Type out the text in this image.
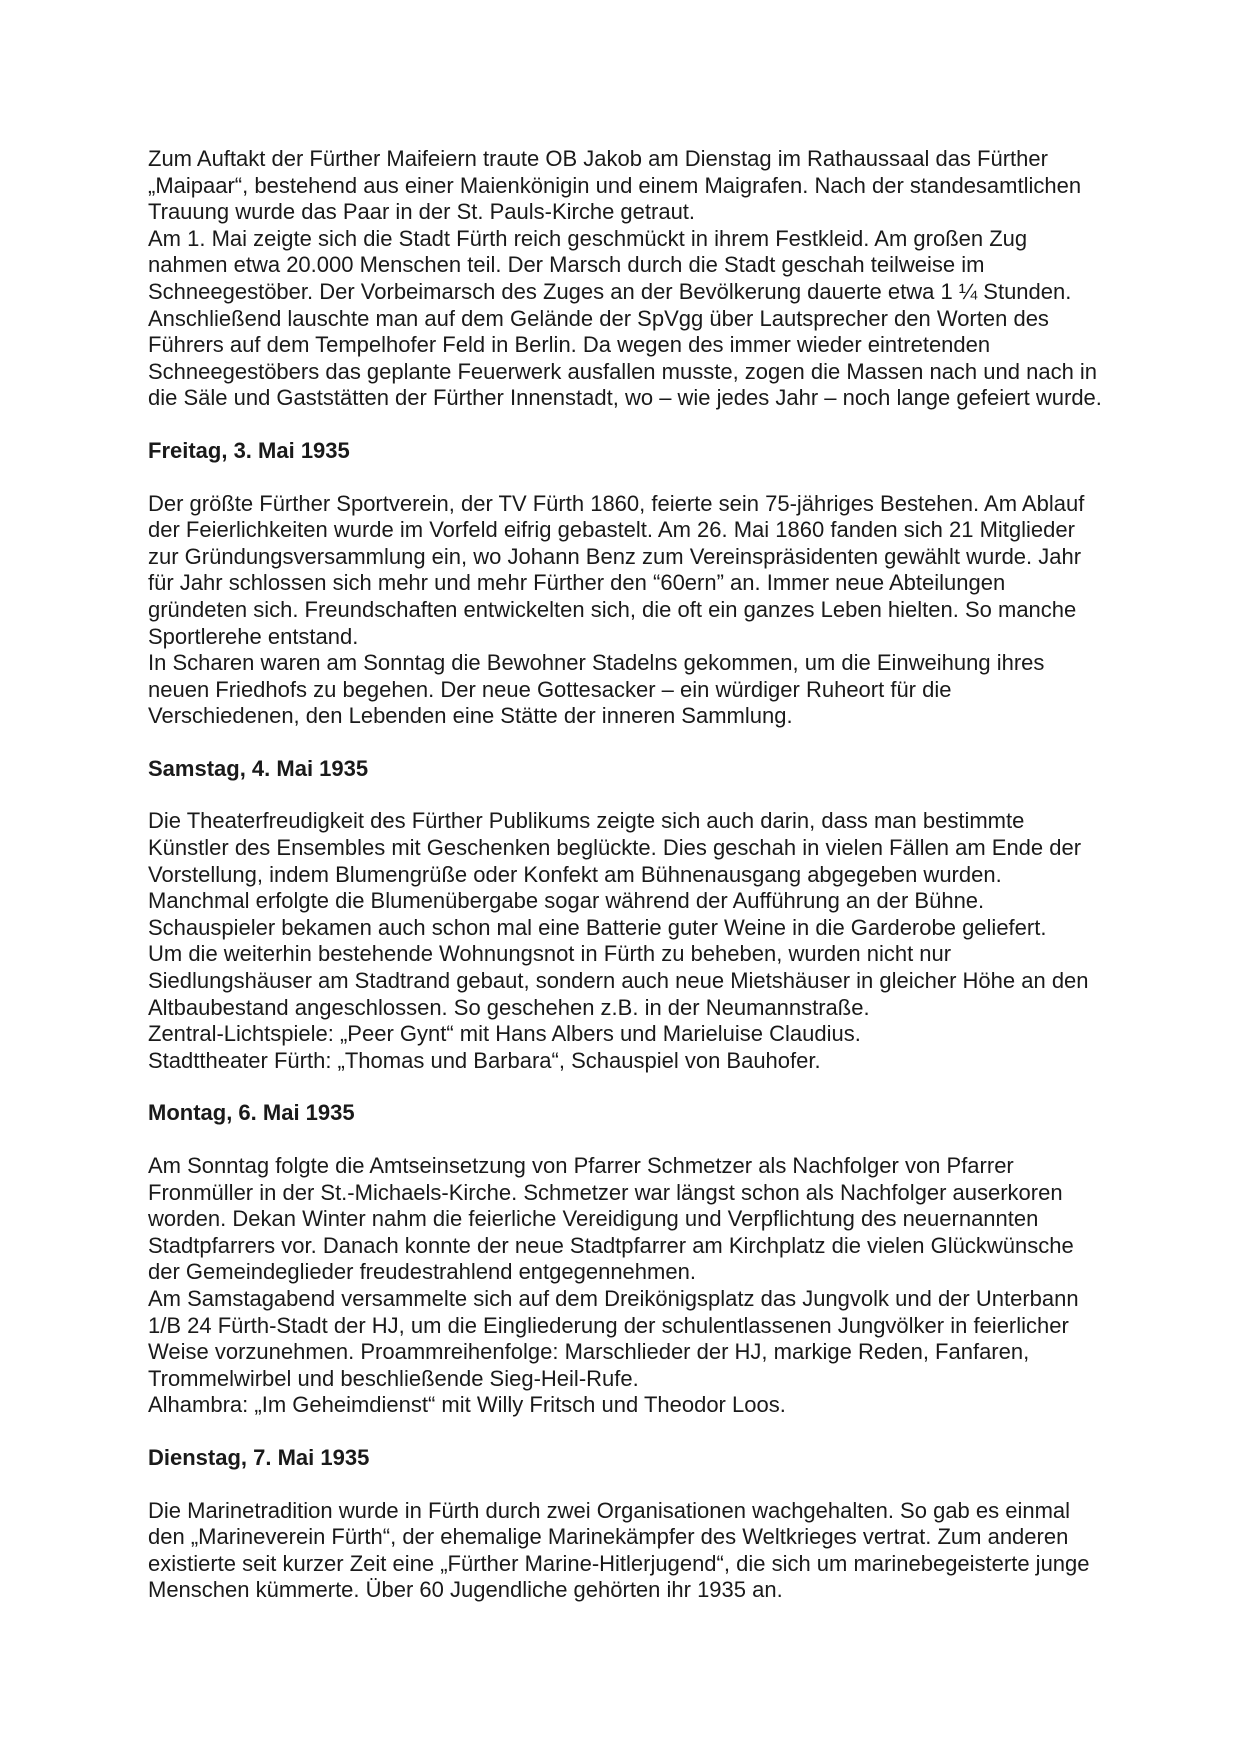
Zum Auftakt der Fürther Maifeiern traute OB Jakob am Dienstag im Rathaussaal das Fürther „Maipaar“, bestehend aus einer Maienkönigin und einem Maigrafen. Nach der standesamtlichen Trauung wurde das Paar in der St. Pauls-Kirche getraut.

Am 1. Mai zeigte sich die Stadt Fürth reich geschmückt in ihrem Festkleid. Am großen Zug nahmen etwa 20.000 Menschen teil. Der Marsch durch die Stadt geschah teilweise im Schneegestöber. Der Vorbeimarsch des Zuges an der Bevölkerung dauerte etwa 1 ¼ Stunden. Anschließend lauschte man auf dem Gelände der SpVgg über Lautsprecher den Worten des Führers auf dem Tempelhofer Feld in Berlin. Da wegen des immer wieder eintretenden Schneegestöbers das geplante Feuerwerk ausfallen musste, zogen die Massen nach und nach in die Säle und Gaststätten der Fürther Innenstadt, wo – wie jedes Jahr – noch lange gefeiert wurde.

Freitag, 3. Mai 1935

Der größte Fürther Sportverein, der TV Fürth 1860, feierte sein 75-jähriges Bestehen. Am Ablauf der Feierlichkeiten wurde im Vorfeld eifrig gebastelt. Am 26. Mai 1860 fanden sich 21 Mitglieder zur Gründungsversammlung ein, wo Johann Benz zum Vereinspräsidenten gewählt wurde. Jahr für Jahr schlossen sich mehr und mehr Fürther den “60ern” an. Immer neue Abteilungen gründeten sich. Freundschaften entwickelten sich, die oft ein ganzes Leben hielten. So manche Sportlerehe entstand.

In Scharen waren am Sonntag die Bewohner Stadelns gekommen, um die Einweihung ihres neuen Friedhofs zu begehen. Der neue Gottesacker – ein würdiger Ruheort für die Verschiedenen, den Lebenden eine Stätte der inneren Sammlung.

Samstag, 4. Mai 1935

Die Theaterfreudigkeit des Fürther Publikums zeigte sich auch darin, dass man bestimmte Künstler des Ensembles mit Geschenken beglückte. Dies geschah in vielen Fällen am Ende der Vorstellung, indem Blumengrüße oder Konfekt am Bühnenausgang abgegeben wurden. Manchmal erfolgte die Blumenübergabe sogar während der Aufführung an der Bühne. Schauspieler bekamen auch schon mal eine Batterie guter Weine in die Garderobe geliefert.

Um die weiterhin bestehende Wohnungsnot in Fürth zu beheben, wurden nicht nur Siedlungshäuser am Stadtrand gebaut, sondern auch neue Mietshäuser in gleicher Höhe an den Altbaubestand angeschlossen. So geschehen z.B. in der Neumannstraße.

Zentral-Lichtspiele: „Peer Gynt“ mit Hans Albers und Marieluise Claudius.

Stadttheater Fürth: „Thomas und Barbara“, Schauspiel von Bauhofer.

Montag, 6. Mai 1935

Am Sonntag folgte die Amtseinsetzung von Pfarrer Schmetzer als Nachfolger von Pfarrer Fronmüller in der St.-Michaels-Kirche. Schmetzer war längst schon als Nachfolger auserkoren worden. Dekan Winter nahm die feierliche Vereidigung und Verpflichtung des neuernannten Stadtpfarrers vor. Danach konnte der neue Stadtpfarrer am Kirchplatz die vielen Glückwünsche der Gemeindeglieder freudestrahlend entgegennehmen.

Am Samstagabend versammelte sich auf dem Dreikönigsplatz das Jungvolk und der Unterbann 1/B 24 Fürth-Stadt der HJ, um die Eingliederung der schulentlassenen Jungvölker in feierlicher Weise vorzunehmen. Proammreihenfolge: Marschlieder der HJ, markige Reden, Fanfaren, Trommelwirbel und beschließende Sieg-Heil-Rufe.

Alhambra: „Im Geheimdienst“ mit Willy Fritsch und Theodor Loos.

Dienstag, 7. Mai 1935

Die Marinetradition wurde in Fürth durch zwei Organisationen wachgehalten. So gab es einmal den „Marineverein Fürth“, der ehemalige Marinekämpfer des Weltkrieges vertrat. Zum anderen existierte seit kurzer Zeit eine „Fürther Marine-Hitlerjugend“, die sich um marinebegeisterte junge Menschen kümmerte. Über 60 Jugendliche gehörten ihr 1935 an.
